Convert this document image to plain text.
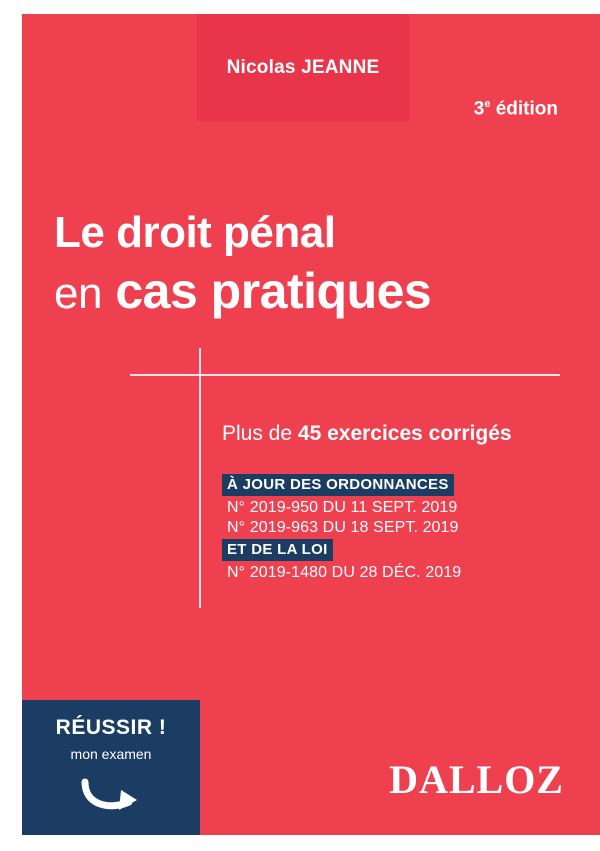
Nicolas JEANNE
3e édition
Le droit pénal
en cas pratiques
Plus de 45 exercices corrigés
À JOUR DES ORDONNANCES
N° 2019-950 DU 11 SEPT. 2019
N° 2019-963 DU 18 SEPT. 2019
ET DE LA LOI
N° 2019-1480 DU 28 DÉC. 2019
RÉUSSIR !
mon examen
DALLOZ
